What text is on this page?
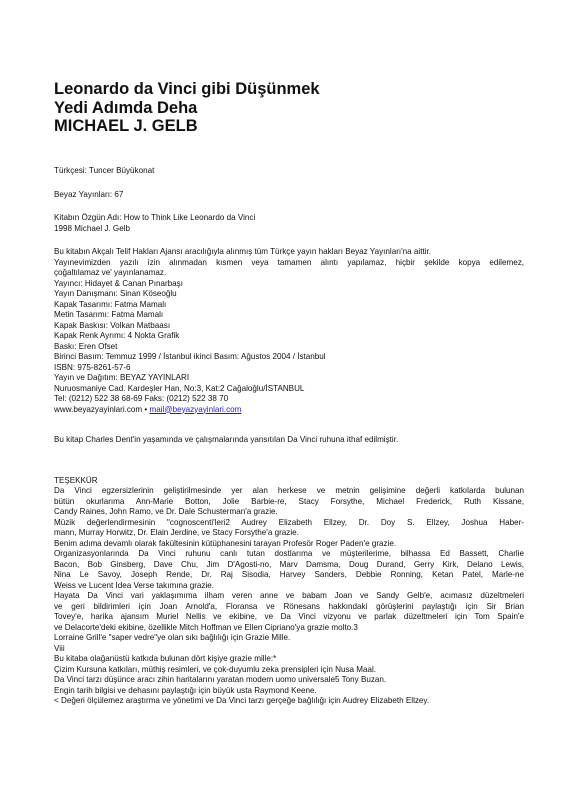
Leonardo da Vinci gibi Düşünmek
Yedi Adımda Deha
MICHAEL J. GELB
Türkçesi: Tuncer Büyükonat
Beyaz Yayınları: 67
Kitabın Özgün Adı: How to Think Like Leonardo da Vinci
1998 Michael J. Gelb
Bu kitabın Akçalı Telif Hakları Ajansı aracılığıyla alınmış tüm Türkçe yayın hakları Beyaz Yayınları'na aittir.
Yayınevimizden yazılı izin alınmadan kısmen veya tamamen alıntı yapılamaz, hiçbir şekilde kopya edilemez,
çoğaltılamaz ve' yayınlanamaz.
Yayıncı: Hidayet & Canan Pınarbaşı
Yayın Danışmanı: Sinan Köseoğlu
Kapak Tasarımı: Fatma Mamalı
Metin Tasarımı: Fatma Mamalı
Kapak Baskısı: Volkan Matbaası
Kapak Renk Ayrımı: 4 Nokta Grafik
Baskı: Eren Ofset
Birinci Basım: Temmuz 1999 / İstanbul ikinci Basım: Ağustos 2004 / İstanbul
ISBN: 975-8261-57-6
Yayın ve Dağıtım: BEYAZ YAYINLARI
Nuruosmaniye Cad. Kardeşler Han, No:3, Kat:2 Cağaloğlu/İSTANBUL
Tel: (0212) 522 38 68-69 Faks: (0212) 522 38 70
www.beyazyayinlari.com • mail@beyazyayinlari.com
Bu kitap Charles Dent'in yaşamında ve çalışmalarında yansıtılan Da Vinci ruhuna ithaf edilmiştir.
TEŞEKKÜR
Da Vinci egzersizlerinin geliştirilmesinde yer alan herkese ve metnin gelişimine değerli katkılarda bulunan
bütün okurlarıma Ann-Marie Botton, Jolie Barbie-re, Stacy Forsythe, Michael Frederick, Ruth Kissane,
Candy Raines, John Ramo, ve Dr. Dale Schusterman'a grazie.
Müzik değerlendirmesinin "cognoscenti'leri2 Audrey Elizabeth Ellzey, Dr. Doy S. Ellzey, Joshua Haber-
mann, Murray Horwitz, Dr. Elain Jerdine, ve Stacy Forsythe'a grazie.
Benim adıma devamlı olarak fakültesinin kütüphanesini tarayan Profesör Roger Paden'e grazie.
Organizasyonlarında Da Vinci ruhunu canlı tutan dostlarıma ve müşterilerime, bilhassa Ed Bassett, Charlie
Bacon, Bob Ginsberg, Dave Chu, Jim D'Agosti-no, Marv Damsma, Doug Durand, Gerry Kirk, Delano Lewis,
Nina Le Savoy, Joseph Rende, Dr. Raj Sisodia, Harvey Sanders, Debbie Ronning, Ketan Patel, Marle-ne
Weiss ve Lucent Idea Verse takımına grazie.
Hayata Da Vinci vari yaklaşımıma ilham veren anne ve babam Joan ve Sandy Gelb'e, acımasız düzeltmeleri
ve geri bildirimleri için Joan Arnold'a, Floransa ve Rönesans hakkındaki görüşlerini paylaştığı için Sir Brian
Tovey'e, harika ajansım Muriel Nellis ve ekibine, ve Da Vinci vizyonu ve parlak düzeltmeleri için Tom Spain'e
ve Delacorte'deki ekibine, özellikle Mitch Hoffman ve Ellen Cipriano'ya grazie molto.3
Lorraine Grill'e "saper vedre"ye olan sıkı bağlılığı için Grazie Mille.
Viii
Bu kitaba olağanüstü katkıda bulunan dört kişiye grazie mille:*
Çizim Kursuna katkıları, müthiş resimleri, ve çok-duyumlu zeka prensipleri için Nusa Maal.
Da Vinci tarzı düşünce aracı zihin haritalarını yaratan modern uomo universale5 Tony Buzan.
Engin tarih bilgisi ve dehasını paylaştığı için büyük usta Raymond Keene.
< Değeri ölçülemez araştırma ve yönetimi ve Da Vinci tarzı gerçeğe bağlılığı için Audrey Elizabeth Ellzey.
